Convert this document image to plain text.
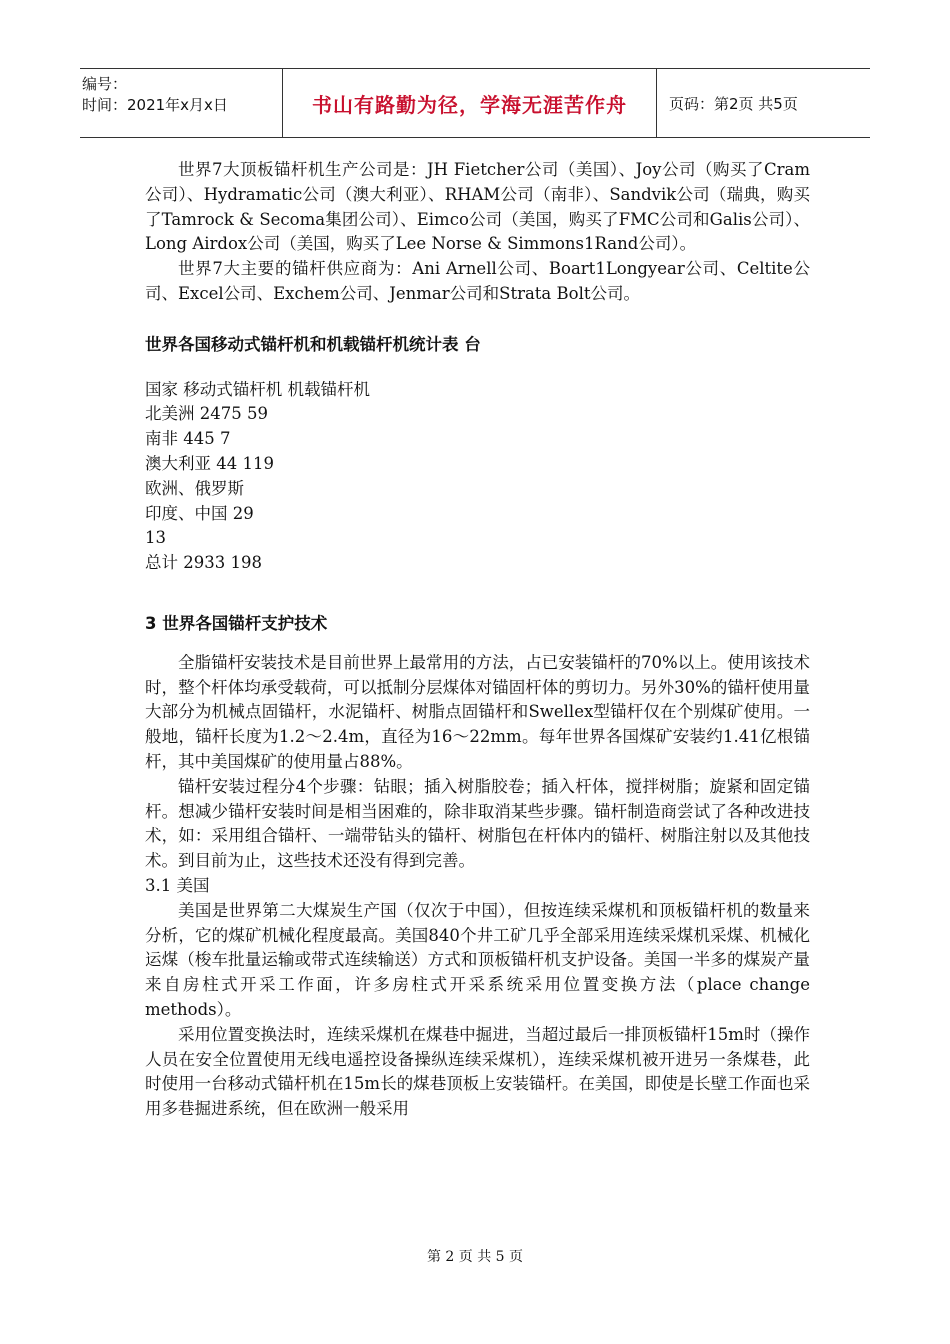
编号：
时间：2021年x月x日	书山有路勤为径，学海无涯苦作舟	页码：第2页 共5页

世界7大顶板锚杆机生产公司是：JH Fietcher公司（美国）、Joy公司（购买了Cram公司）、Hydramatic公司（澳大利亚）、RHAM公司（南非）、Sandvik公司（瑞典，购买了Tamrock & Secoma集团公司）、Eimco公司（美国，购买了FMC公司和Galis公司）、Long Airdox公司（美国，购买了Lee Norse & Simmons1Rand公司）。

世界7大主要的锚杆供应商为：Ani Arnell公司、Boart1Longyear公司、Celtite公司、Excel公司、Exchem公司、Jenmar公司和Strata Bolt公司。

世界各国移动式锚杆机和机载锚杆机统计表 台

国家 移动式锚杆机 机载锚杆机

北美洲 2475 59

南非 445 7

澳大利亚 44 119

欧洲、俄罗斯

印度、中国 29

13

总计 2933 198

3 世界各国锚杆支护技术

全脂锚杆安装技术是目前世界上最常用的方法，占已安装锚杆的70%以上。使用该技术时，整个杆体均承受载荷，可以抵制分层煤体对锚固杆体的剪切力。另外30%的锚杆使用量大部分为机械点固锚杆，水泥锚杆、树脂点固锚杆和Swellex型锚杆仅在个别煤矿使用。一般地，锚杆长度为1.2～2.4m，直径为16～22mm。每年世界各国煤矿安装约1.41亿根锚杆，其中美国煤矿的使用量占88%。

锚杆安装过程分4个步骤：钻眼；插入树脂胶卷；插入杆体，搅拌树脂；旋紧和固定锚杆。想减少锚杆安装时间是相当困难的，除非取消某些步骤。锚杆制造商尝试了各种改进技术，如：采用组合锚杆、一端带钻头的锚杆、树脂包在杆体内的锚杆、树脂注射以及其他技术。到目前为止，这些技术还没有得到完善。

3.1 美国

美国是世界第二大煤炭生产国（仅次于中国），但按连续采煤机和顶板锚杆机的数量来分析，它的煤矿机械化程度最高。美国840个井工矿几乎全部采用连续采煤机采煤、机械化运煤（梭车批量运输或带式连续输送）方式和顶板锚杆机支护设备。美国一半多的煤炭产量来自房柱式开采工作面，许多房柱式开采系统采用位置变换方法（place change methods）。

采用位置变换法时，连续采煤机在煤巷中掘进，当超过最后一排顶板锚杆15m时（操作人员在安全位置使用无线电遥控设备操纵连续采煤机），连续采煤机被开进另一条煤巷，此时使用一台移动式锚杆机在15m长的煤巷顶板上安装锚杆。在美国，即使是长壁工作面也采用多巷掘进系统，但在欧洲一般采用

第 2 页 共 5 页
